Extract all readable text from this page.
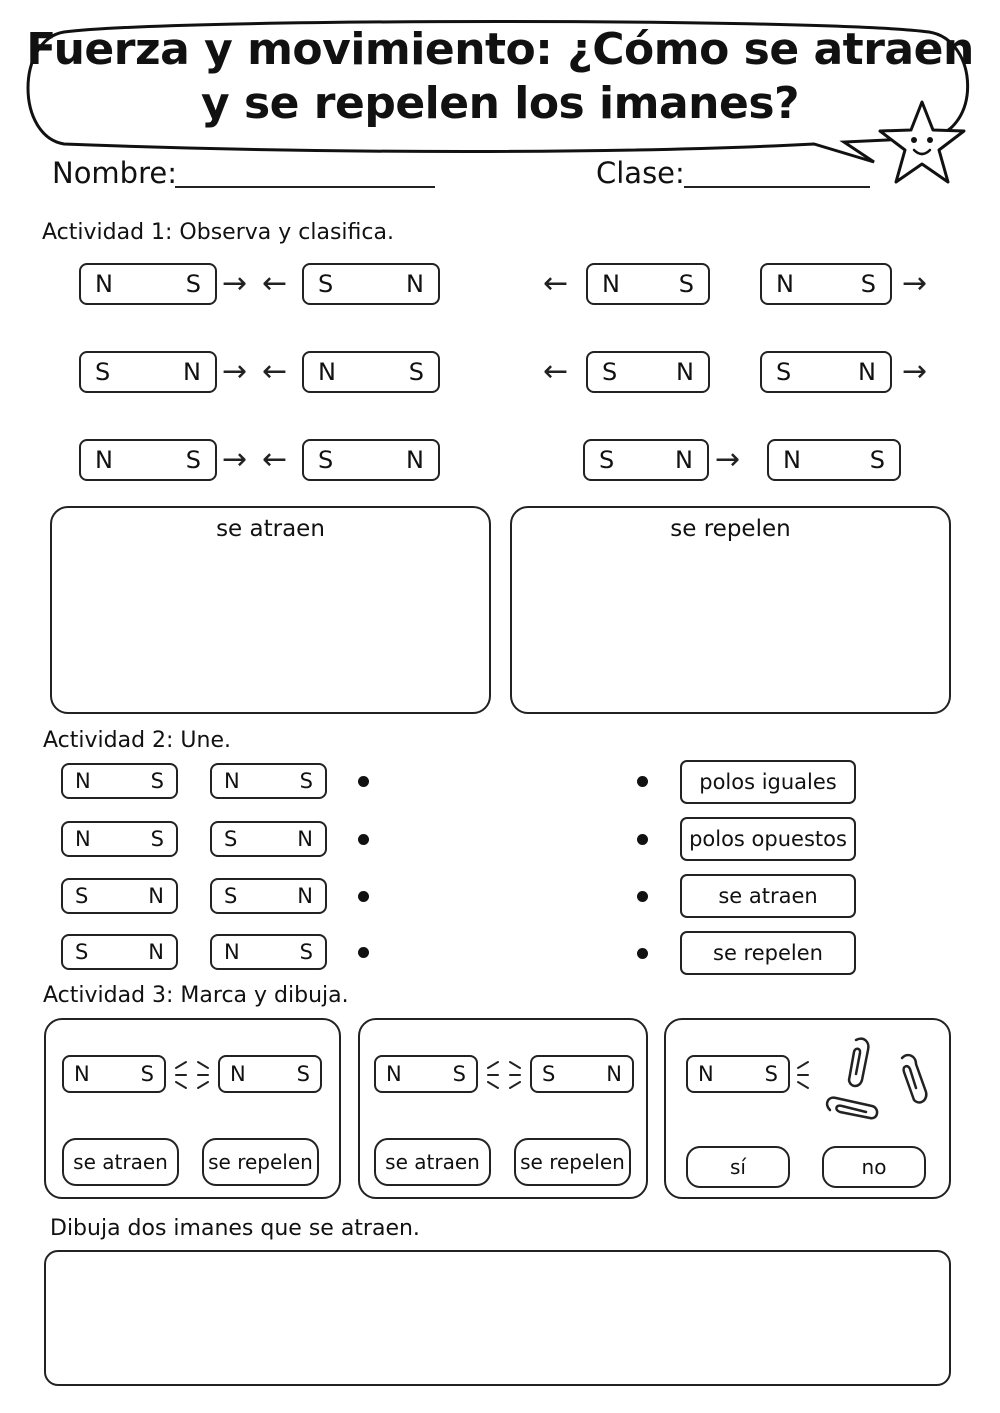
Fuerza y movimiento: ¿Cómo se atraen
y se repelen los imanes?
Nombre:	Clase:
Actividad 1: Observa y clasifica.
N	S → ← S	N
S	N → ← N	S
N	S → ← S	N
← N S	N	S →
← S N	S	N →
S	N → N	S
se atraen	se repelen
Actividad 2: Une.
N	S	N	S
N	S	S	N
S	N	S	N
S	N	N	S
polos iguales
polos opuestos
se atraen
se repelen
Actividad 3: Marca y dibuja.
N S	N S
se atraen	se repelen
N S	S N
se atraen	se repelen
N S
sí	no
Dibuja dos imanes que se atraen.
